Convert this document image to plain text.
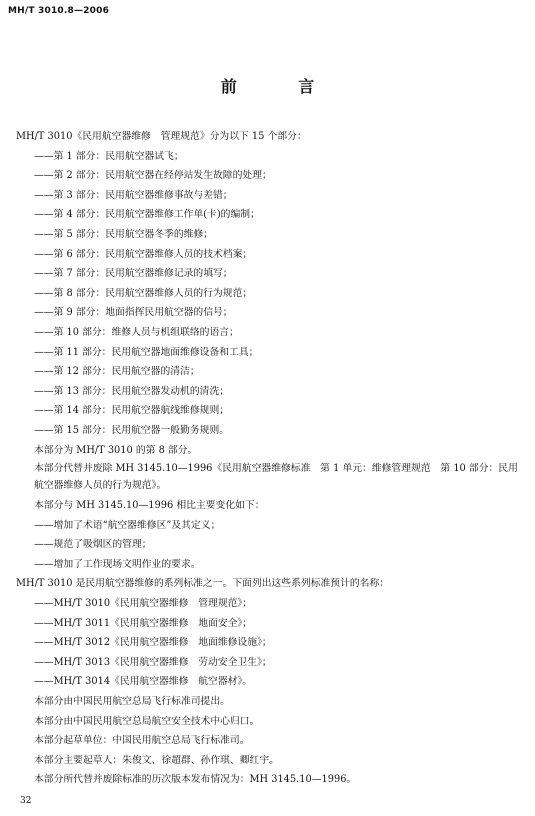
MH/T 3010.8—2006
前 言

MH/T 3010《民用航空器维修　管理规范》分为以下 15 个部分：

——第 1 部分：民用航空器试飞；

——第 2 部分：民用航空器在经停站发生故障的处理；

——第 3 部分：民用航空器维修事故与差错；

——第 4 部分：民用航空器维修工作单(卡)的编制；

——第 5 部分：民用航空器冬季的维修；

——第 6 部分：民用航空器维修人员的技术档案；

——第 7 部分：民用航空器维修记录的填写；

——第 8 部分：民用航空器维修人员的行为规范；

——第 9 部分：地面指挥民用航空器的信号；

——第 10 部分：维修人员与机组联络的语言；

——第 11 部分：民用航空器地面维修设备和工具；

——第 12 部分：民用航空器的清洁；

——第 13 部分：民用航空器发动机的清洗；

——第 14 部分：民用航空器航线维修规则；

——第 15 部分：民用航空器一般勤务规则。

本部分为 MH/T 3010 的第 8 部分。

本部分代替并废除 MH 3145.10—1996《民用航空器维修标准　第 1 单元：维修管理规范　第 10 部分：民用航空器维修人员的行为规范》。

本部分与 MH 3145.10—1996 相比主要变化如下：

——增加了术语“航空器维修区”及其定义；

——规范了吸烟区的管理；

——增加了工作现场文明作业的要求。

MH/T 3010 是民用航空器维修的系列标准之一。下面列出这些系列标准预计的名称：

——MH/T 3010《民用航空器维修　管理规范》；

——MH/T 3011《民用航空器维修　地面安全》；

——MH/T 3012《民用航空器维修　地面维修设施》；

——MH/T 3013《民用航空器维修　劳动安全卫生》；

——MH/T 3014《民用航空器维修　航空器材》。

本部分由中国民用航空总局飞行标准司提出。

本部分由中国民用航空总局航空安全技术中心归口。

本部分起草单位：中国民用航空总局飞行标准司。

本部分主要起草人：朱俊文、徐超群、孙作琪、卿红宇。

本部分所代替并废除标准的历次版本发布情况为：MH 3145.10—1996。

32
